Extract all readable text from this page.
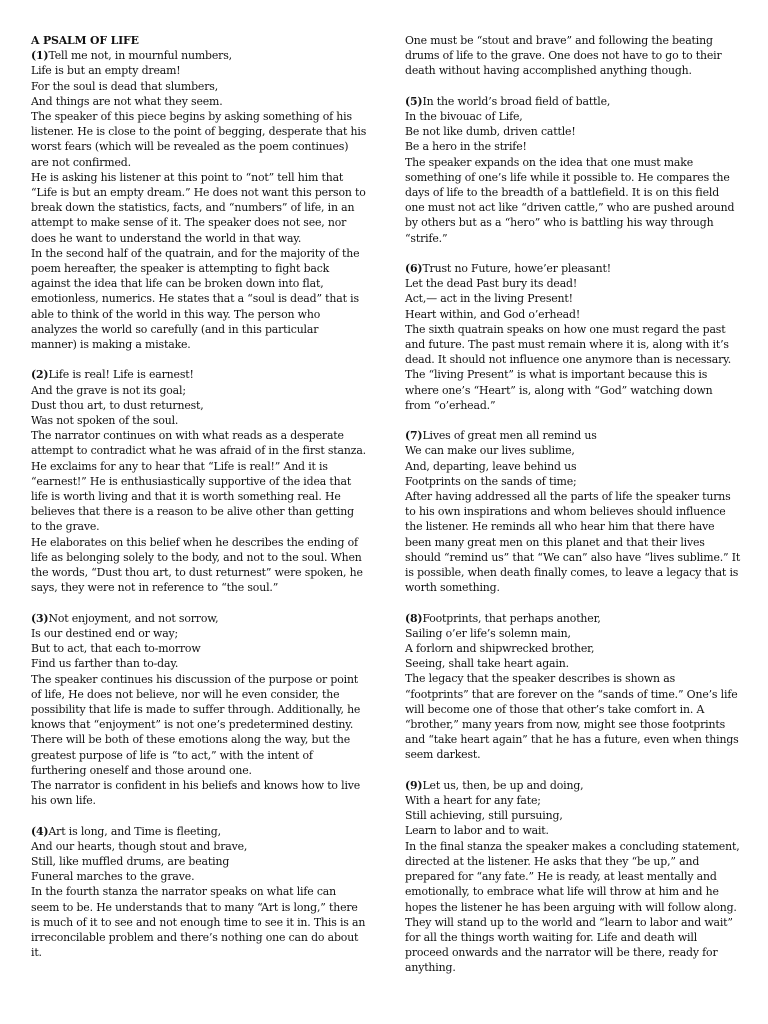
A PSALM OF LIFE
(1)Tell me not, in mournful numbers,
Life is but an empty dream!
For the soul is dead that slumbers,
And things are not what they seem.
The speaker of this piece begins by asking something of his listener. He is close to the point of begging, desperate that his worst fears (which will be revealed as the poem continues) are not confirmed.
He is asking his listener at this point to “not” tell him that “Life is but an empty dream.” He does not want this person to break down the statistics, facts, and “numbers” of life, in an attempt to make sense of it. The speaker does not see, nor does he want to understand the world in that way.
In the second half of the quatrain, and for the majority of the poem hereafter, the speaker is attempting to fight back against the idea that life can be broken down into flat, emotionless, numerics. He states that a “soul is dead” that is able to think of the world in this way. The person who analyzes the world so carefully (and in this particular manner) is making a mistake.
(2)Life is real! Life is earnest!
And the grave is not its goal;
Dust thou art, to dust returnest,
Was not spoken of the soul.
The narrator continues on with what reads as a desperate attempt to contradict what he was afraid of in the first stanza. He exclaims for any to hear that “Life is real!” And it is “earnest!” He is enthusiastically supportive of the idea that life is worth living and that it is worth something real. He believes that there is a reason to be alive other than getting to the grave.
He elaborates on this belief when he describes the ending of life as belonging solely to the body, and not to the soul. When the words, “Dust thou art, to dust returnest” were spoken, he says, they were not in reference to “the soul.”
(3)Not enjoyment, and not sorrow,
Is our destined end or way;
But to act, that each to-morrow
Find us farther than to-day.
The speaker continues his discussion of the purpose or point of life, He does not believe, nor will he even consider, the possibility that life is made to suffer through. Additionally, he knows that “enjoyment” is not one’s predetermined destiny. There will be both of these emotions along the way, but the greatest purpose of life is “to act,” with the intent of furthering oneself and those around one.
The narrator is confident in his beliefs and knows how to live his own life.
(4)Art is long, and Time is fleeting,
And our hearts, though stout and brave,
Still, like muffled drums, are beating
Funeral marches to the grave.
In the fourth stanza the narrator speaks on what life can seem to be. He understands that to many “Art is long,” there is much of it to see and not enough time to see it in. This is an irreconcilable problem and there’s nothing one can do about it.
One must be “stout and brave” and following the beating drums of life to the grave. One does not have to go to their death without having accomplished anything though.
(5)In the world’s broad field of battle,
In the bivouac of Life,
Be not like dumb, driven cattle!
Be a hero in the strife!
The speaker expands on the idea that one must make something of one’s life while it possible to. He compares the days of life to the breadth of a battlefield. It is on this field one must not act like “driven cattle,” who are pushed around by others but as a “hero” who is battling his way through “strife.”
(6)Trust no Future, howe’er pleasant!
Let the dead Past bury its dead!
Act,— act in the living Present!
Heart within, and God o’erhead!
The sixth quatrain speaks on how one must regard the past and future. The past must remain where it is, along with it’s dead. It should not influence one anymore than is necessary. The “living Present” is what is important because this is where one’s “Heart” is, along with “God” watching down from “o’erhead.”
(7)Lives of great men all remind us
We can make our lives sublime,
And, departing, leave behind us
Footprints on the sands of time;
After having addressed all the parts of life the speaker turns to his own inspirations and whom believes should influence the listener. He reminds all who hear him that there have been many great men on this planet and that their lives should “remind us” that “We can” also have “lives sublime.” It is possible, when death finally comes, to leave a legacy that is worth something.
(8)Footprints, that perhaps another,
Sailing o’er life’s solemn main,
A forlorn and shipwrecked brother,
Seeing, shall take heart again.
The legacy that the speaker describes is shown as “footprints” that are forever on the “sands of time.” One’s life will become one of those that other’s take comfort in. A “brother,” many years from now, might see those footprints and “take heart again” that he has a future, even when things seem darkest.
(9)Let us, then, be up and doing,
With a heart for any fate;
Still achieving, still pursuing,
Learn to labor and to wait.
In the final stanza the speaker makes a concluding statement, directed at the listener. He asks that they “be up,” and prepared for “any fate.” He is ready, at least mentally and emotionally, to embrace what life will throw at him and he hopes the listener he has been arguing with will follow along. They will stand up to the world and “learn to labor and wait” for all the things worth waiting for. Life and death will proceed onwards and the narrator will be there, ready for anything.
